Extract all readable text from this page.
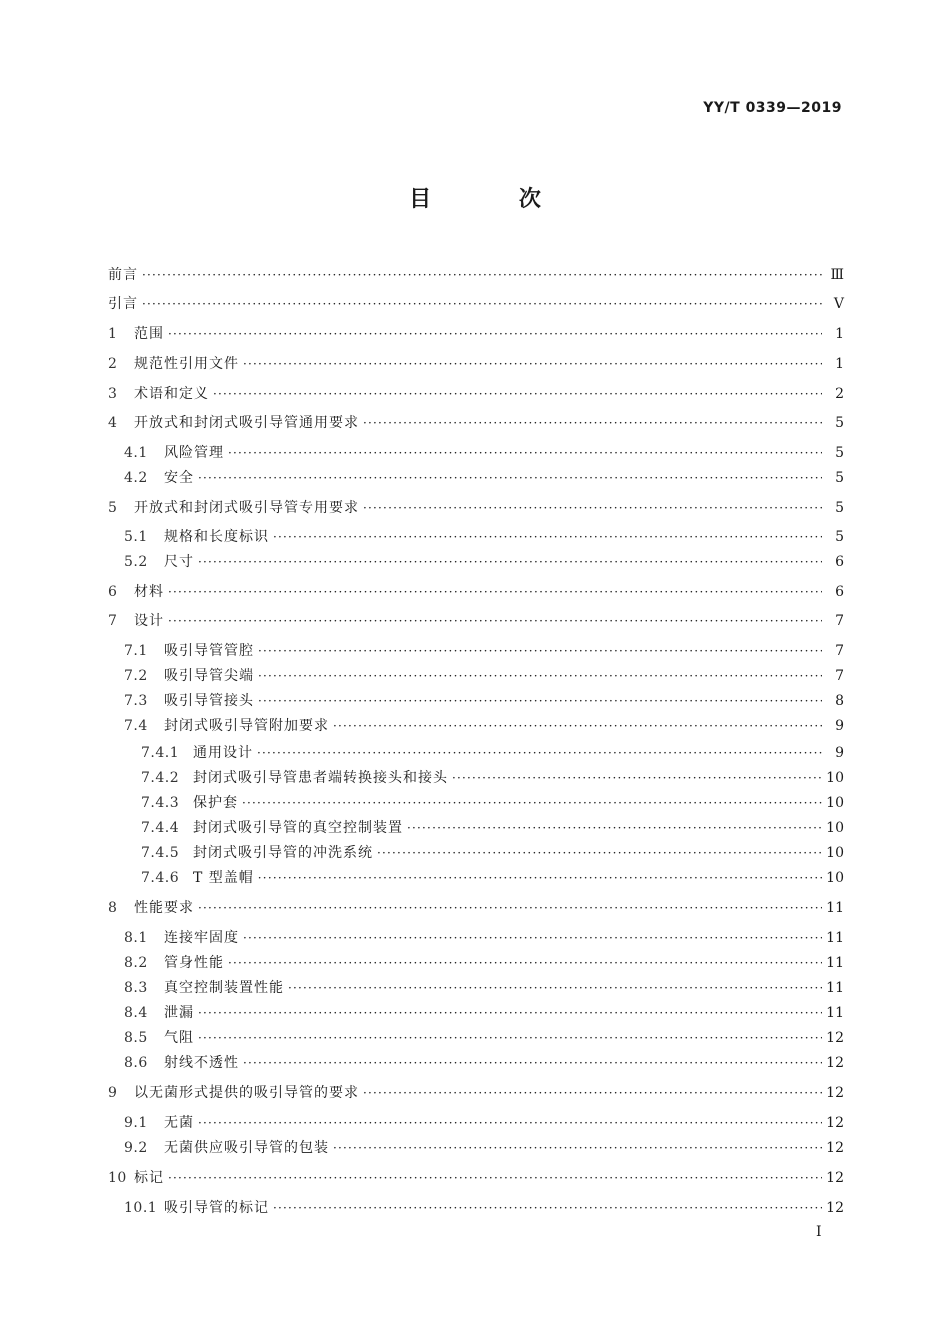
YY/T 0339—2019
目 次
前言 ·····	Ⅲ
引言 ·····	Ⅴ
1	范围 ·····	1
2	规范性引用文件 ·····	1
3	术语和定义 ·····	2
4	开放式和封闭式吸引导管通用要求 ·····	5
4.1	风险管理 ·····	5
4.2	安全 ·····	5
5	开放式和封闭式吸引导管专用要求 ·····	5
5.1	规格和长度标识 ·····	5
5.2	尺寸 ·····	6
6	材料 ·····	6
7	设计 ·····	7
7.1	吸引导管管腔 ·····	7
7.2	吸引导管尖端 ·····	7
7.3	吸引导管接头 ·····	8
7.4	封闭式吸引导管附加要求 ·····	9
7.4.1 通用设计 ·····	9
7.4.2 封闭式吸引导管患者端转换接头和接头 ·····	10
7.4.3 保护套 ·····	10
7.4.4 封闭式吸引导管的真空控制装置 ·····	10
7.4.5 封闭式吸引导管的冲洗系统 ·····	10
7.4.6 T 型盖帽 ·····	10
8	性能要求 ·····	11
8.1	连接牢固度 ·····	11
8.2	管身性能 ·····	11
8.3	真空控制装置性能 ·····	11
8.4	泄漏 ·····	11
8.5	气阻 ·····	12
8.6	射线不透性 ·····	12
9	以无菌形式提供的吸引导管的要求 ·····	12
9.1	无菌 ·····	12
9.2	无菌供应吸引导管的包装 ·····	12
10 标记 ·····	12
10.1 吸引导管的标记 ·····	12
I
